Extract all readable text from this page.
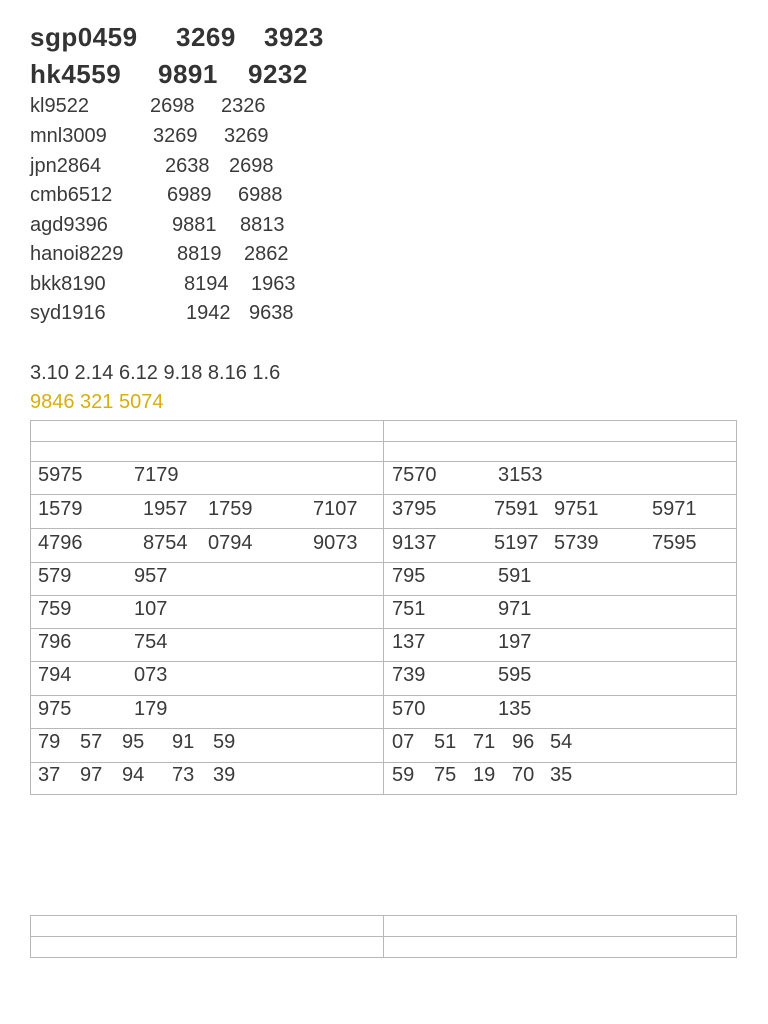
sgp0459 3269 3923
hk4559 9891 9232
kl9522	2698 2326
mnl3009 3269 3269
jpn2864	2638 2698
cmb6512	6989 6988
agd9396	9881 8813
hanoi8229	8819 2862
bkk8190	8194 1963
syd1916	1942 9638
3.10 2.14 6.12 9.18 8.16 1.6
9846 321 5074
5975	7179
1579	1957 1759	7107
4796	8754 0794	9073
579	957
759	107
796	754
794	073
975	179
79 57 95 91 59
37 97 94 73 39
7570	3153
3795	7591 9751	5971
9137	5197 5739	7595
795	591
751	971
137	197
739	595
570	135
07 51 71 96 54
59 75 19 70 35
